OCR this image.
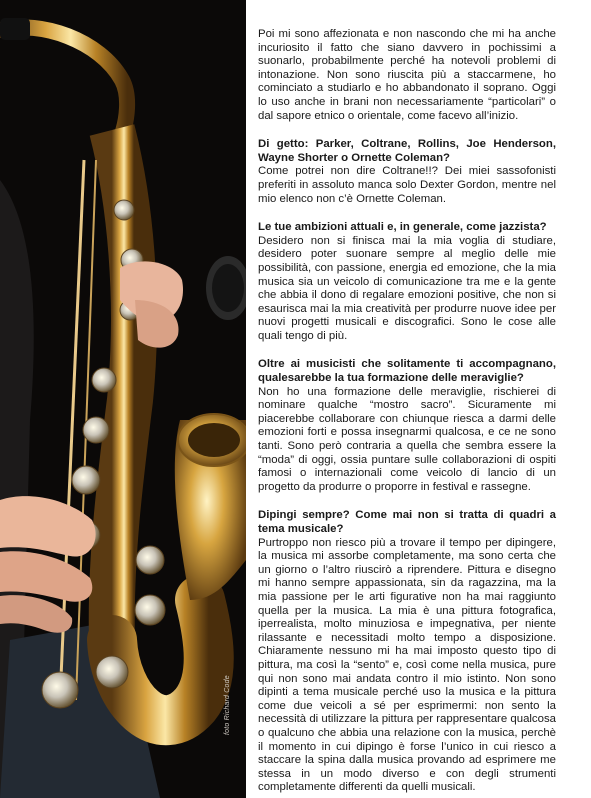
foto Richard Code

Poi mi sono affezionata e non nascondo che mi ha anche incuriosito il fatto che siano davvero in pochissimi a suonarlo, probabilmente perché ha notevoli problemi di intonazione. Non sono riuscita più a staccarmene, ho cominciato a studiarlo e ho abbandonato il soprano. Oggi lo uso anche in brani non necessariamente “particolari” o dal sapore etnico o orientale, come facevo all’inizio.

Di getto: Parker, Coltrane, Rollins, Joe Henderson, Wayne Shorter o Ornette Coleman?

Come potrei non dire Coltrane!!? Dei miei sassofonisti preferiti in assoluto manca solo Dexter Gordon, mentre nel mio elenco non c’è Ornette Coleman.

Le tue ambizioni attuali e, in generale, come jazzista?

Desidero non si finisca mai la mia voglia di studiare, desidero poter suonare sempre al meglio delle mie possibilità, con passione, energia ed emozione, che la mia musica sia un veicolo di comunicazione tra me e la gente che abbia il dono di regalare emozioni positive, che non si esaurisca mai la mia creatività per produrre nuove idee per nuovi progetti musicali e discografici. Sono le cose alle quali tengo di più.

Oltre ai musicisti che solitamente ti accompagnano, qualesarebbe la tua formazione delle meraviglie?

Non ho una formazione delle meraviglie, rischierei di nominare qualche “mostro sacro”. Sicuramente mi piacerebbe collaborare con chiunque riesca a darmi delle emozioni forti e possa insegnarmi qualcosa, e ce ne sono tanti. Sono però contraria a quella che sembra essere la “moda” di oggi, ossia puntare sulle collaborazioni di ospiti famosi o internazionali come veicolo di lancio di un progetto da produrre o proporre in festival e rassegne.

Dipingi sempre? Come mai non si tratta di quadri a tema musicale?

Purtroppo non riesco più a trovare il tempo per dipingere, la musica mi assorbe completamente, ma sono certa che un giorno o l’altro riuscirò a riprendere. Pittura e disegno mi hanno sempre appassionata, sin da ragazzina, ma la mia passione per le arti figurative non ha mai raggiunto quella per la musica. La mia è una pittura fotografica, iperrealista, molto minuziosa e impegnativa, per niente rilassante e necessitadi molto tempo a disposizione. Chiaramente nessuno mi ha mai imposto questo tipo di pittura, ma così la “sento” e, così come nella musica, pure qui non sono mai andata contro il mio istinto. Non sono dipinti a tema musicale perché uso la musica e la pittura come due veicoli a sé per esprimermi: non sento la necessità di utilizzare la pittura per rappresentare qualcosa o qualcuno che abbia una relazione con la musica, perchè il momento in cui dipingo è forse l’unico in cui riesco a staccare la spina dalla musica provando ad esprimere me stessa in un modo diverso e con degli strumenti completamente differenti da quelli musicali.
